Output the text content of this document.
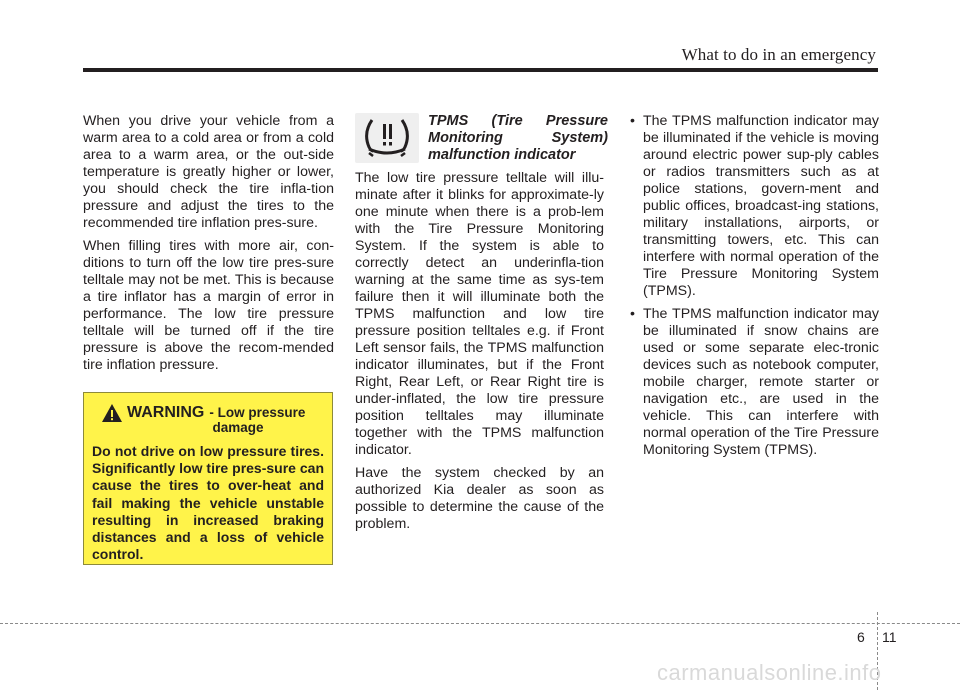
What to do in an emergency

When you drive your vehicle from a warm area to a cold area or from a cold area to a warm area, or the out-side temperature is greatly higher or lower, you should check the tire infla-tion pressure and adjust the tires to the recommended tire inflation pres-sure.

When filling tires with more air, con-ditions to turn off the low tire pres-sure telltale may not be met. This is because a tire inflator has a margin of error in performance. The low tire pressure telltale will be turned off if the tire pressure is above the recom-mended tire inflation pressure.

WARNING - Low pressure
damage
Do not drive on low pressure tires. Significantly low tire pres-sure can cause the tires to over-heat and fail making the vehicle unstable resulting in increased braking distances and a loss of vehicle control.
TPMS (Tire Pressure Monitoring System) malfunction indicator

The low tire pressure telltale will illu-minate after it blinks for approximate-ly one minute when there is a prob-lem with the Tire Pressure Monitoring System. If the system is able to correctly detect an underinfla-tion warning at the same time as sys-tem failure then it will illuminate both the TPMS malfunction and low tire pressure position telltales e.g. if Front Left sensor fails, the TPMS malfunction indicator illuminates, but if the Front Right, Rear Left, or Rear Right tire is under-inflated, the low tire pressure position telltales may illuminate together with the TPMS malfunction indicator.

Have the system checked by an authorized Kia dealer as soon as possible to determine the cause of the problem.

• The TPMS malfunction indicator may be illuminated if the vehicle is moving around electric power sup-ply cables or radios transmitters such as at police stations, govern-ment and public offices, broadcast-ing stations, military installations, airports, or transmitting towers, etc. This can interfere with normal operation of the Tire Pressure Monitoring System (TPMS).
• The TPMS malfunction indicator may be illuminated if snow chains are used or some separate elec-tronic devices such as notebook computer, mobile charger, remote starter or navigation etc., are used in the vehicle. This can interfere with normal operation of the Tire Pressure Monitoring System (TPMS).
6 11
carmanualsonline.info
